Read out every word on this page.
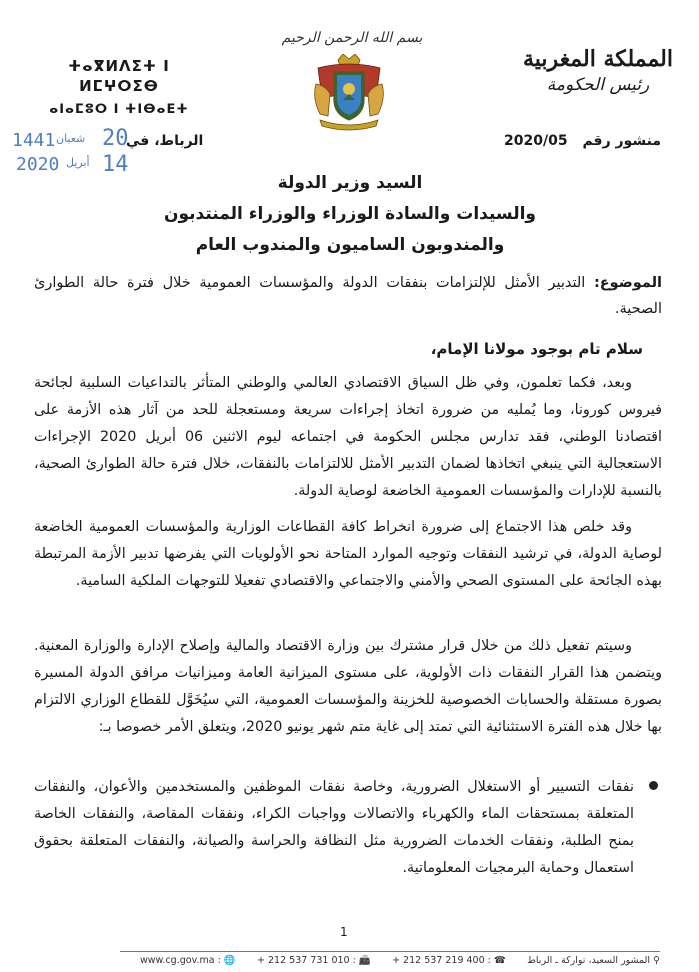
المملكة المغربية
رئيس الحكومة
ⵜⴰⴳⵍⴷⵉⵜ ⵏ ⵍⵎⵖⵔⵉⴱ
ⴰⵏⴰⵎⵓⵔ ⵏ ⵜⵏⴱⴰⴹⵜ
بسم الله الرحمن الرحيم
منشور رقم 2020/05
الرباط، في
1441 شعبان 20
2020 أبريل 14
السيد وزير الدولة
والسيدات والسادة الوزراء والوزراء المنتدبون
والمندوبون الساميون والمندوب العام
الموضوع: التدبير الأمثل للإلتزامات بنفقات الدولة والمؤسسات العمومية خلال فترة حالة الطوارئ الصحية.
سلام تام بوجود مولانا الإمام،
وبعد، فكما تعلمون، وفي ظل السياق الاقتصادي العالمي والوطني المتأثر بالتداعيات السلبية لجائحة فيروس كورونا، وما يُمليه من ضرورة اتخاذ إجراءات سريعة ومستعجلة للحد من آثار هذه الأزمة على اقتصادنا الوطني، فقد تدارس مجلس الحكومة في اجتماعه ليوم الاثنين 06 أبريل 2020 الإجراءات الاستعجالية التي ينبغي اتخاذها لضمان التدبير الأمثل للالتزامات بالنفقات، خلال فترة حالة الطوارئ الصحية، بالنسبة للإدارات والمؤسسات العمومية الخاضعة لوصاية الدولة.
وقد خلص هذا الاجتماع إلى ضرورة انخراط كافة القطاعات الوزارية والمؤسسات العمومية الخاضعة لوصاية الدولة، في ترشيد النفقات وتوجيه الموارد المتاحة نحو الأولويات التي يفرضها تدبير الأزمة المرتبطة بهذه الجائحة على المستوى الصحي والأمني والاجتماعي والاقتصادي تفعيلا للتوجهات الملكية السامية.
وسيتم تفعيل ذلك من خلال قرار مشترك بين وزارة الاقتصاد والمالية وإصلاح الإدارة والوزارة المعنية. ويتضمن هذا القرار النفقات ذات الأولوية، على مستوى الميزانية العامة وميزانيات مرافق الدولة المسيرة بصورة مستقلة والحسابات الخصوصية للخزينة والمؤسسات العمومية، التي سيُخَوَّل للقطاع الوزاري الالتزام بها خلال هذه الفترة الاستثنائية التي تمتد إلى غاية متم شهر يونيو 2020، ويتعلق الأمر خصوصا بـ:
نفقات التسيير أو الاستغلال الضرورية، وخاصة نفقات الموظفين والمستخدمين والأعوان، والنفقات المتعلقة بمستحقات الماء والكهرباء والاتصالات وواجبات الكراء، ونفقات المقاصة، والنفقات الخاصة بمنح الطلبة، ونفقات الخدمات الضرورية مثل النظافة والحراسة والصيانة، والنفقات المتعلقة بحقوق استعمال وحماية البرمجيات المعلوماتية.
1
www.cg.gov.ma : 🌐 + 212 537 731 010 : 📠 + 212 537 219 400 : ☎	⚲ المشور السعيد، تواركة ـ الرباط
